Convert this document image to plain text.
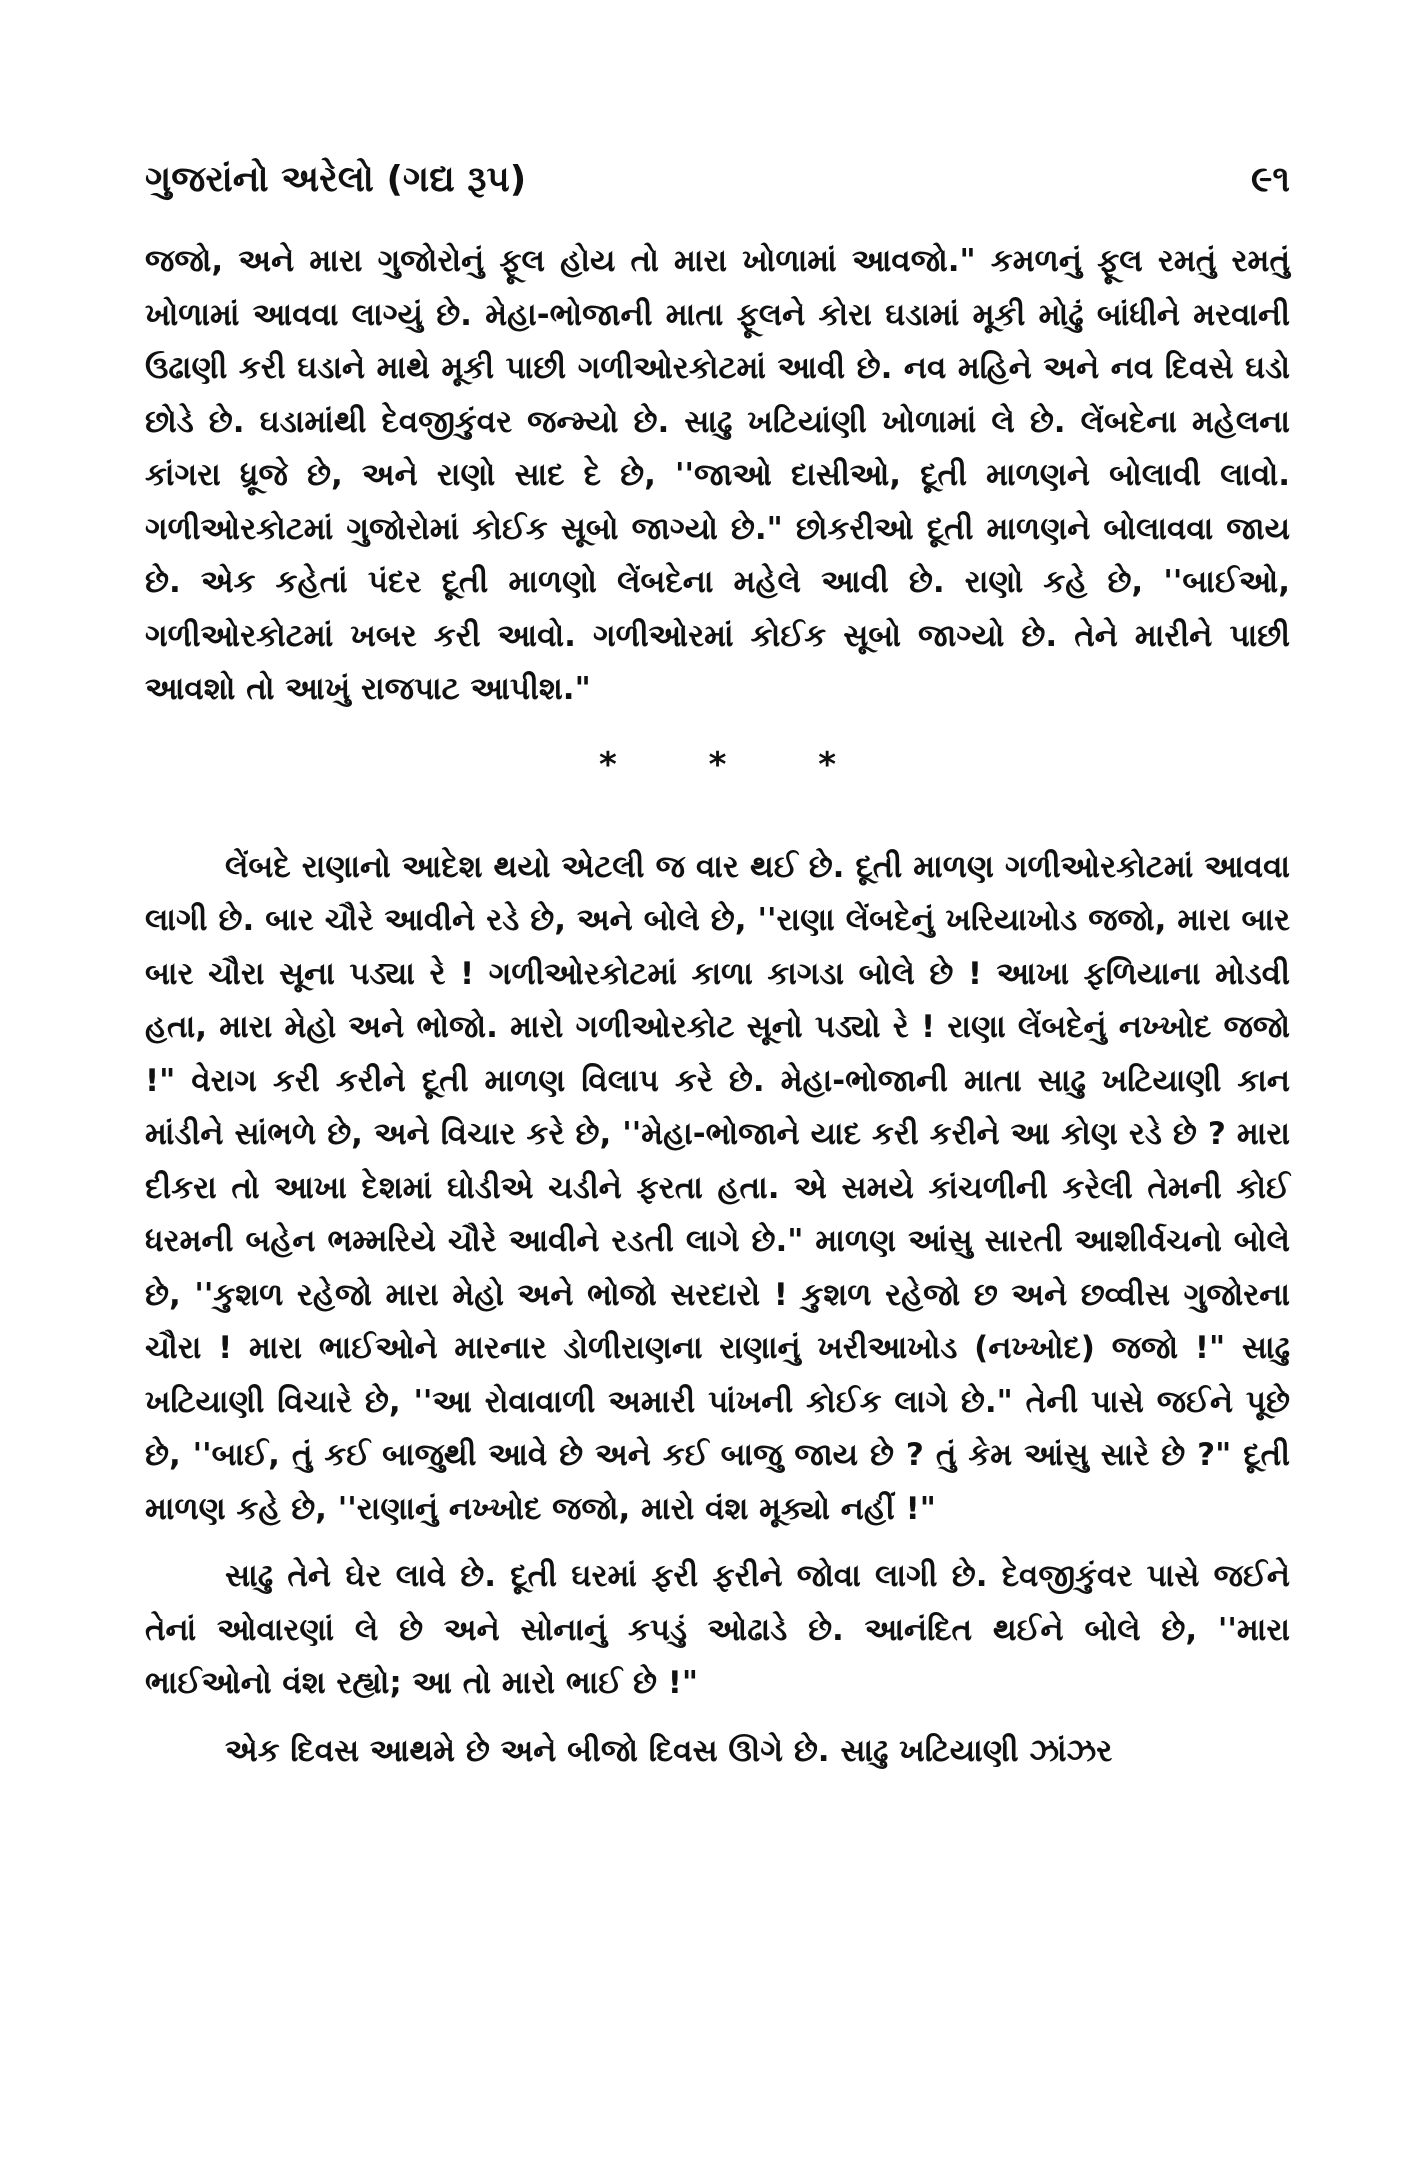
ગુજરાંનો અરેલો (ગદ્ય રૂપ)	૯૧

જજો, અને મારા ગુજોરોનું ફૂલ હોય તો મારા ખોળામાં આવજો." કમળનું ફૂલ રમતું રમતું ખોળામાં આવવા લાગ્યું છે. મેહા-ભોજાની માતા ફૂલને કોરા ઘડામાં મૂકી મોઢું બાંધીને મરવાની ઉઢાણી કરી ઘડાને માથે મૂકી પાછી ગળીઓરકોટમાં આવી છે. નવ મહિને અને નવ દિવસે ઘડો છોડે છે. ઘડામાંથી દેવજીકુંવર જન્મ્યો છે. સાઢુ ખટિયાંણી ખોળામાં લે છે. લેંબદેના મહેલના કાંગરા ધ્રૂજે છે, અને રાણો સાદ દે છે, ''જાઓ દાસીઓ, દૂતી માળણને બોલાવી લાવો. ગળીઓરકોટમાં ગુજોરોમાં કોઈક સૂબો જાગ્યો છે." છોકરીઓ દૂતી માળણને બોલાવવા જાય છે. એક કહેતાં પંદર દૂતી માળણો લેંબદેના મહેલે આવી છે. રાણો કહે છે, ''બાઈઓ, ગળીઓરકોટમાં ખબર કરી આવો. ગળીઓરમાં કોઈક સૂબો જાગ્યો છે. તેને મારીને પાછી આવશો તો આખું રાજપાટ આપીશ."

* * *

લેંબદે રાણાનો આદેશ થયો એટલી જ વાર થઈ છે. દૂતી માળણ ગળીઓરકોટમાં આવવા લાગી છે. બાર ચૌરે આવીને રડે છે, અને બોલે છે, ''રાણા લેંબદેનું ખરિયાખોડ જજો, મારા બાર બાર ચૌરા સૂના પડ્યા રે ! ગળીઓરકોટમાં કાળા કાગડા બોલે છે ! આખા ફળિયાના મોડવી હતા, મારા મેહો અને ભોજો. મારો ગળીઓરકોટ સૂનો પડ્યો રે ! રાણા લેંબદેનું નખ્ખોદ જજો !" વેરાગ કરી કરીને દૂતી માળણ વિલાપ કરે છે. મેહા-ભોજાની માતા સાઢુ ખટિયાણી કાન માંડીને સાંભળે છે, અને વિચાર કરે છે, ''મેહા-ભોજાને યાદ કરી કરીને આ કોણ રડે છે ? મારા દીકરા તો આખા દેશમાં ઘોડીએ ચડીને ફરતા હતા. એ સમયે કાંચળીની કરેલી તેમની કોઈ ધરમની બહેન ભમ્મરિયે ચૌરે આવીને રડતી લાગે છે." માળણ આંસુ સારતી આશીર્વચનો બોલે છે, ''કુશળ રહેજો મારા મેહો અને ભોજો સરદારો ! કુશળ રહેજો છ અને છવ્વીસ ગુજોરના ચૌરા ! મારા ભાઈઓને મારનાર ડોળીરાણના રાણાનું ખરીઆખોડ (નખ્ખોદ) જજો !" સાઢુ ખટિયાણી વિચારે છે, ''આ રોવાવાળી અમારી પાંખની કોઈક લાગે છે." તેની પાસે જઈને પૂછે છે, ''બાઈ, તું કઈ બાજુથી આવે છે અને કઈ બાજુ જાય છે ? તું કેમ આંસુ સારે છે ?" દૂતી માળણ કહે છે, ''રાણાનું નખ્ખોદ જજો, મારો વંશ મૂક્યો નહીં !"

સાઢુ તેને ઘેર લાવે છે. દૂતી ઘરમાં ફરી ફરીને જોવા લાગી છે. દેવજીકુંવર પાસે જઈને તેનાં ઓવારણાં લે છે અને સોનાનું કપડું ઓઢાડે છે. આનંદિત થઈને બોલે છે, ''મારા ભાઈઓનો વંશ રહ્યો; આ તો મારો ભાઈ છે !"

એક દિવસ આથમે છે અને બીજો દિવસ ઊગે છે. સાઢુ ખટિયાણી ઝાંઝર
